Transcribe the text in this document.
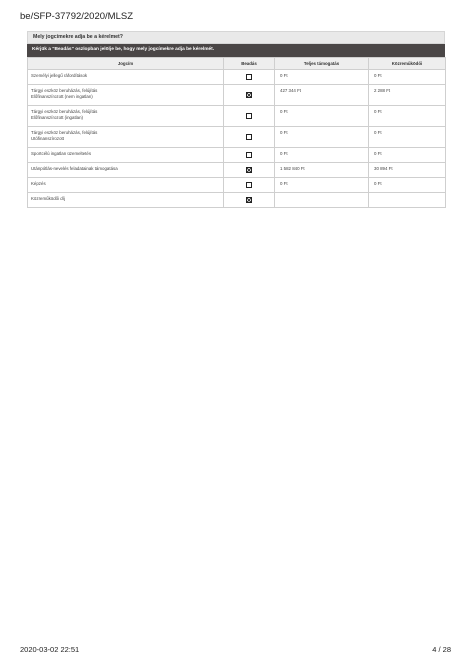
be/SFP-37792/2020/MLSZ
Mely jogcímekre adja be a kérelmet?
Kérjük a "Beadás" oszlopban jelölje be, hogy mely jogcímekre adja be kérelmét.
Jogcím	Beadás	Teljes támogatás	Közreműködői

Személyi jellegű ráfordítások		0 Ft	0 Ft

Tárgyi eszköz beruházás, felújítás
Előfinanszírozott (nem ingatlan)		427 344 Ft	2 288 Ft

Tárgyi eszköz beruházás, felújítás
Előfinanszírozott (ingatlan)		0 Ft	0 Ft

Tárgyi eszköz beruházás, felújítás
Utófinanszírozott		0 Ft	0 Ft

Sportcélú ingatlan üzemeltetés		0 Ft	0 Ft

Utánpótlás-nevelés feladatainak támogatása		1 582 840 Ft	30 894 Ft

Képzés		0 Ft	0 Ft

Közreműködői díj			

2020-03-02 22:51	4 / 28
